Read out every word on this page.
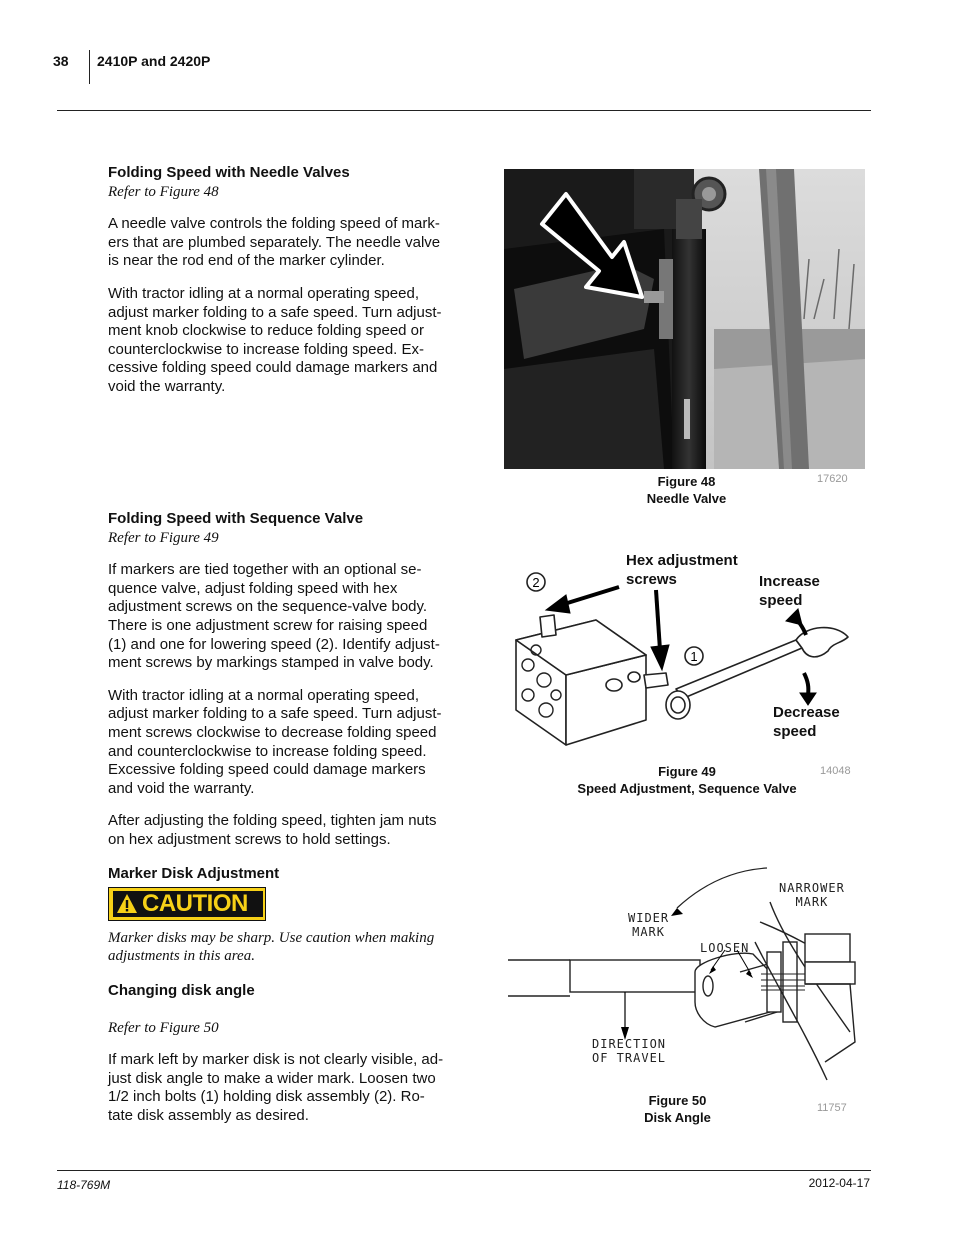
38 2410P and 2420P
Folding Speed with Needle Valves

Refer to Figure 48

A needle valve controls the folding speed of mark-ers that are plumbed separately. The needle valve is near the rod end of the marker cylinder.

With tractor idling at a normal operating speed, adjust marker folding to a safe speed. Turn adjust-ment knob clockwise to reduce folding speed or counterclockwise to increase folding speed. Ex-cessive folding speed could damage markers and void the warranty.

Folding Speed with Sequence Valve

Refer to Figure 49

If markers are tied together with an optional se-quence valve, adjust folding speed with hex adjustment screws on the sequence-valve body. There is one adjustment screw for raising speed (1) and one for lowering speed (2). Identify adjust-ment screws by markings stamped in valve body.

With tractor idling at a normal operating speed, adjust marker folding to a safe speed. Turn adjust-ment screws clockwise to decrease folding speed and counterclockwise to increase folding speed. Excessive folding speed could damage markers and void the warranty.

After adjusting the folding speed, tighten jam nuts on hex adjustment screws to hold settings.

Marker Disk Adjustment
CAUTION

Marker disks may be sharp. Use caution when making adjustments in this area.

Changing disk angle

Refer to Figure 50

If mark left by marker disk is not clearly visible, ad-just disk angle to make a wider mark. Loosen two 1/2 inch bolts (1) holding disk assembly (2). Ro-tate disk assembly as desired.

Figure 48
Needle Valve
17620
2
1
Hex adjustment
screws	Increase
speed
Decrease
speed
Figure 49
Speed Adjustment, Sequence Valve
14048
NARROWER
MARK
WIDER
MARK
LOOSEN
DIRECTION
OF TRAVEL
Figure 50
Disk Angle
11757
118-769M	2012-04-17
